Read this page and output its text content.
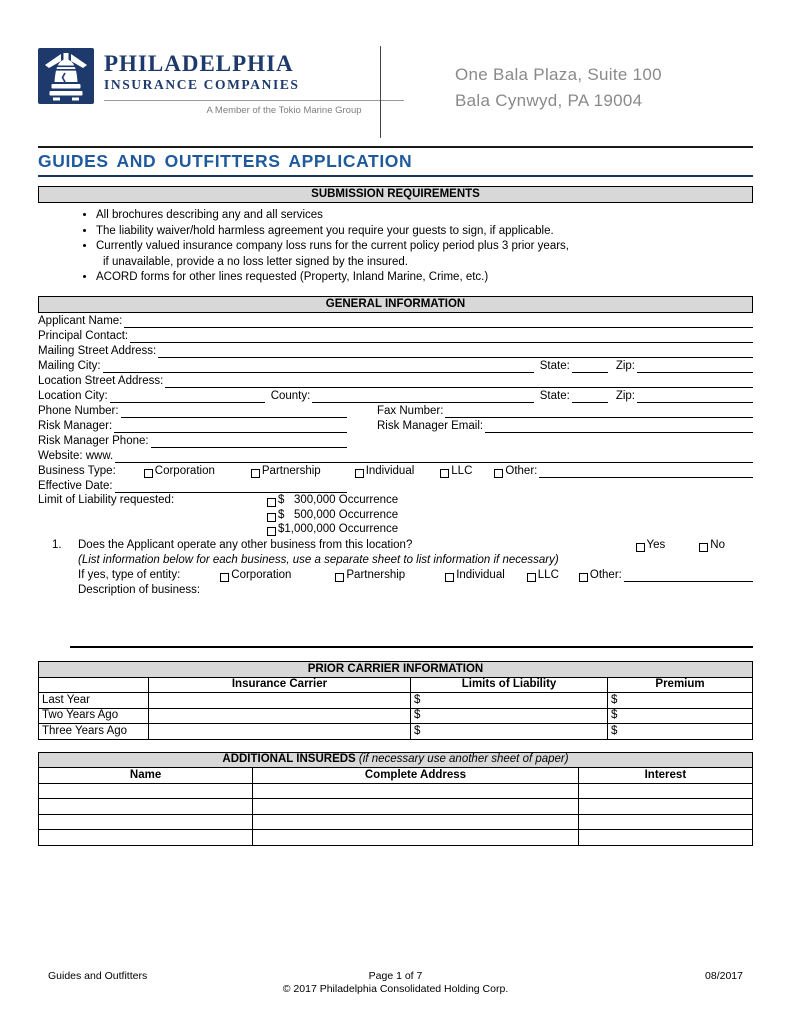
PHILADELPHIA
INSURANCE COMPANIES
A Member of the Tokio Marine Group
One Bala Plaza, Suite 100
Bala Cynwyd, PA 19004
GUIDES AND OUTFITTERS APPLICATION
SUBMISSION REQUIREMENTS
• All brochures describing any and all services
• The liability waiver/hold harmless agreement you require your guests to sign, if applicable.
• Currently valued insurance company loss runs for the current policy period plus 3 prior years,
if unavailable, provide a no loss letter signed by the insured.
• ACORD forms for other lines requested (Property, Inland Marine, Crime, etc.)
GENERAL INFORMATION
Applicant Name:
Principal Contact:
Mailing Street Address:
Mailing City:	State:	Zip:
Location Street Address:
Location City:	County:	State:	Zip:
Phone Number:	Fax Number:
Risk Manager:	Risk Manager Email:
Risk Manager Phone:
Website: www.
Business Type:	Corporation	Partnership	Individual	LLC	Other:
Effective Date:
Limit of Liability requested:	$   300,000 Occurrence
$   500,000 Occurrence
$1,000,000 Occurrence
1.	Does the Applicant operate any other business from this location?	Yes	No
(List information below for each business, use a separate sheet to list information if necessary)
If yes, type of entity:	Corporation	Partnership	Individual	LLC	Other:
Description of business:
PRIOR CARRIER INFORMATION			
	Insurance Carrier	Limits of Liability	Premium
Last Year		$	$
Two Years Ago		$	$
Three Years Ago		$	$
ADDITIONAL INSUREDS (if necessary use another sheet of paper)		
Name	Complete Address	Interest

Guides and Outfitters	Page 1 of 7
© 2017 Philadelphia Consolidated Holding Corp.
08/2017
